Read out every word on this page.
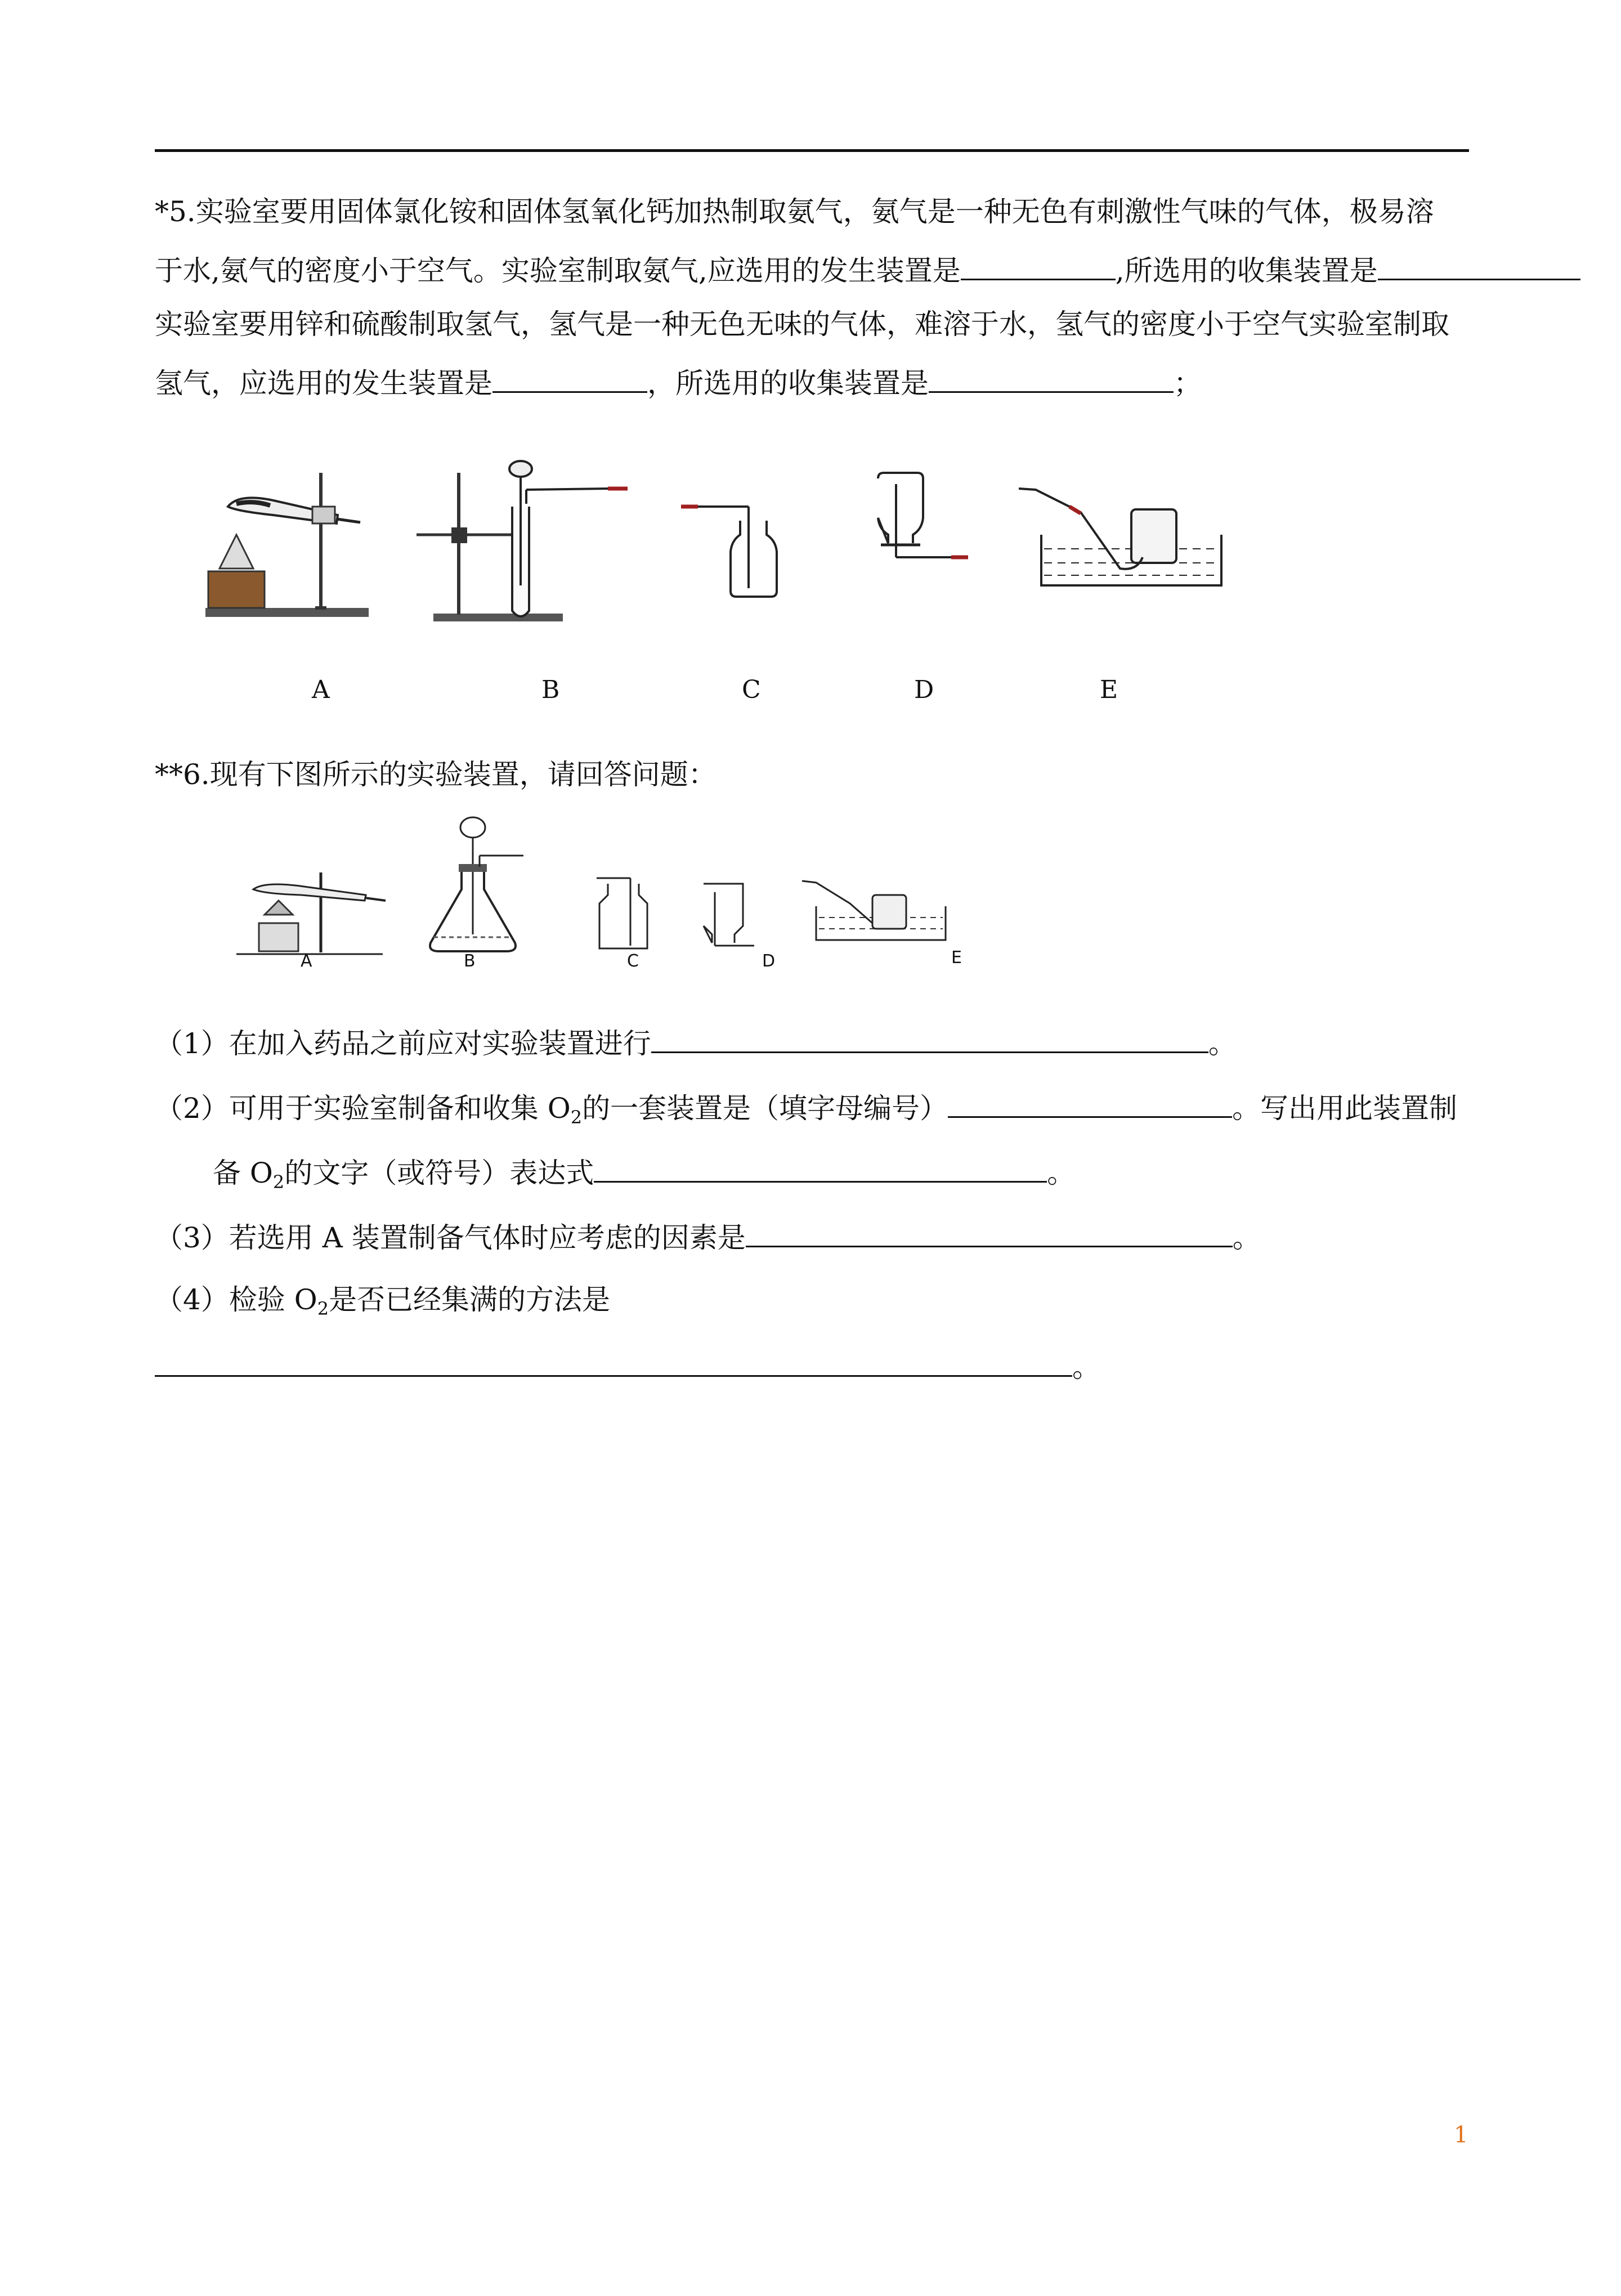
*5.实验室要用固体氯化铵和固体氢氧化钙加热制取氨气，氨气是一种无色有刺激性气味的气体，极易溶
于水,氨气的密度小于空气。实验室制取氨气,应选用的发生装置是	,所选用的收集装置是
实验室要用锌和硫酸制取氢气，氢气是一种无色无味的气体，难溶于水，氢气的密度小于空气实验室制取
氢气，应选用的发生装置是	，所选用的收集装置是	；
A	B	C	D	E
**6.现有下图所示的实验装置，请回答问题：
A	B	C	D	E
（1）在加入药品之前应对实验装置进行	。
（2）可用于实验室制备和收集 $O_2$的一套装置是（填字母编号）	。写出用此装置制
备 $O_2$的文字（或符号）表达式	。
（3）若选用 A 装置制备气体时应考虑的因素是	。
（4）检验 $O_2$是否已经集满的方法是
。
1
